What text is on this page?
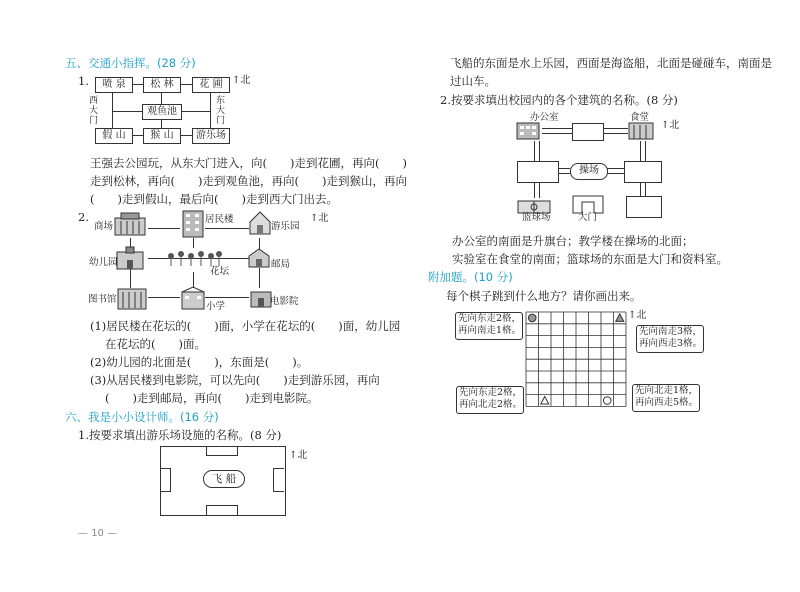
五、交通小指挥。(28 分)
1.	喷 泉	松 林	花 圃
观鱼池
假 山	猴 山	游乐场
西大门
东大门
↑北
王强去公园玩，从东大门进入，向(　　)走到花圃，再向(　　)
走到松林，再向(　　)走到观鱼池，再向(　　)走到猴山，再向
(　　)走到假山，最后向(　　)走到西大门出去。
2.
商场
居民楼
游乐园
幼儿园
花坛
邮局
图书馆
小学	电影院
↑北
(1)居民楼在花坛的(　　)面，小学在花坛的(　　)面，幼儿园
在花坛的(　　)面。
(2)幼儿园的北面是(　　)，东面是(　　)。
(3)从居民楼到电影院，可以先向(　　)走到游乐园，再向
(　　)走到邮局，再向(　　)走到电影院。
六、我是小小设计师。(16 分)
1.按要求填出游乐场设施的名称。(8 分)
飞 船
↑北
— 10 —
飞船的东面是水上乐园，西面是海盗船，北面是碰碰车，南面是
过山车。
2.按要求填出校园内的各个建筑的名称。(8 分)
办公室	食堂
↑北
操场
篮球场	大门
办公室的南面是升旗台；教学楼在操场的北面；
实验室在食堂的南面；篮球场的东面是大门和资料室。
附加题。(10 分)
每个棋子跳到什么地方？请你画出来。
↑北
先向东走2格，
再向南走1格。	先向南走3格，
再向西走3格。
先向东走2格，
再向北走2格。
先向北走1格，
再向西走5格。
